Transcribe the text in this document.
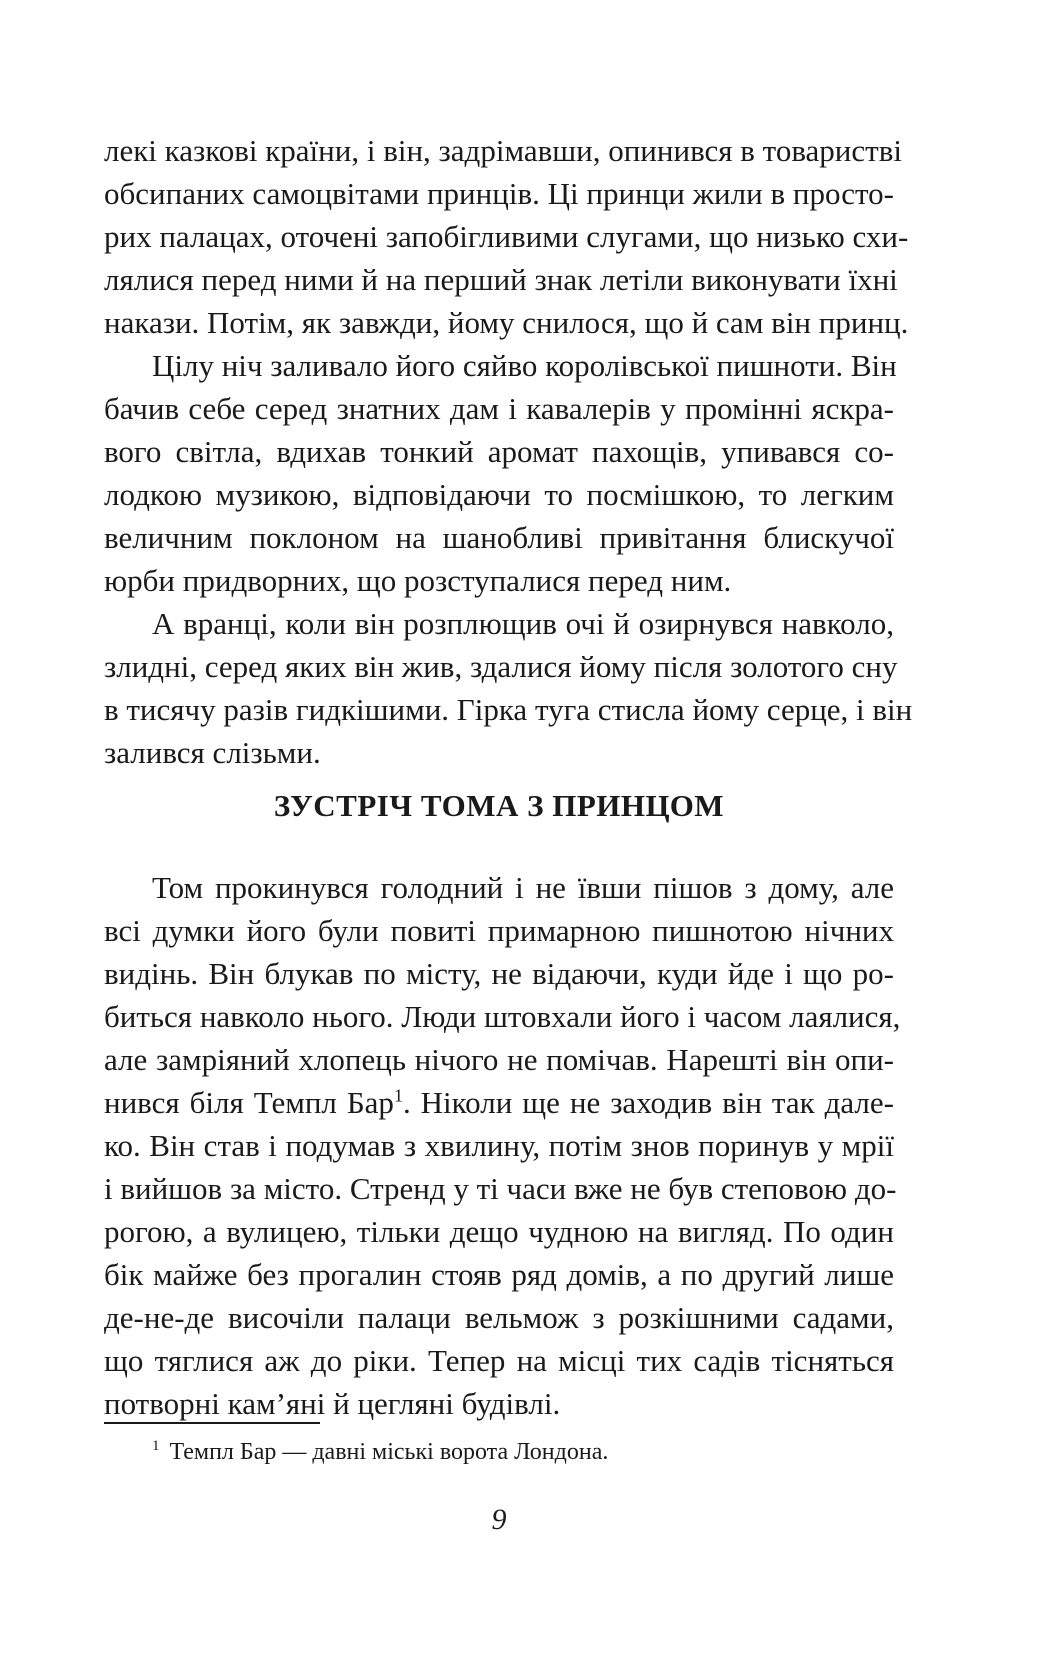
лекі казкові країни, і він, задрімавши, опинився в товаристві
обсипаних самоцвітами принців. Ці принци жили в просто-
рих палацах, оточені запобігливими слугами, що низько схи-
лялися перед ними й на перший знак летіли виконувати їхні
накази. Потім, як завжди, йому снилося, що й сам він принц.
Цілу ніч заливало його сяйво королівської пишноти. Він
бачив себе серед знатних дам і кавалерів у промінні яскра-
вого світла, вдихав тонкий аромат пахощів, упивався со-
лодкою музикою, відповідаючи то посмішкою, то легким
величним поклоном на шанобливі привітання блискучої
юрби придворних, що розступалися перед ним.
А вранці, коли він розплющив очі й озирнувся навколо,
злидні, серед яких він жив, здалися йому після золотого сну
в тисячу разів гидкішими. Гірка туга стисла йому серце, і він
залився слізьми.
ЗУСТРІЧ ТОМА З ПРИНЦОМ
Том прокинувся голодний і не ївши пішов з дому, але
всі думки його були повиті примарною пишнотою нічних
видінь. Він блукав по місту, не відаючи, куди йде і що ро-
биться навколо нього. Люди штовхали його і часом лаялися,
але замріяний хлопець нічого не помічав. Нарешті він опи-
нився біля Темпл Бар$^1$. Ніколи ще не заходив він так дале-
ко. Він став і подумав з хвилину, потім знов поринув у мрії
і вийшов за місто. Стренд у ті часи вже не був степовою до-
рогою, а вулицею, тільки дещо чудною на вигляд. По один
бік майже без прогалин стояв ряд домів, а по другий лише
де-не-де височіли палаци вельмож з розкішними садами,
що тяглися аж до ріки. Тепер на місці тих садів тісняться
потворні кам’яні й цегляні будівлі.
$^1$ Темпл Бар — давні міські ворота Лондона.
9
